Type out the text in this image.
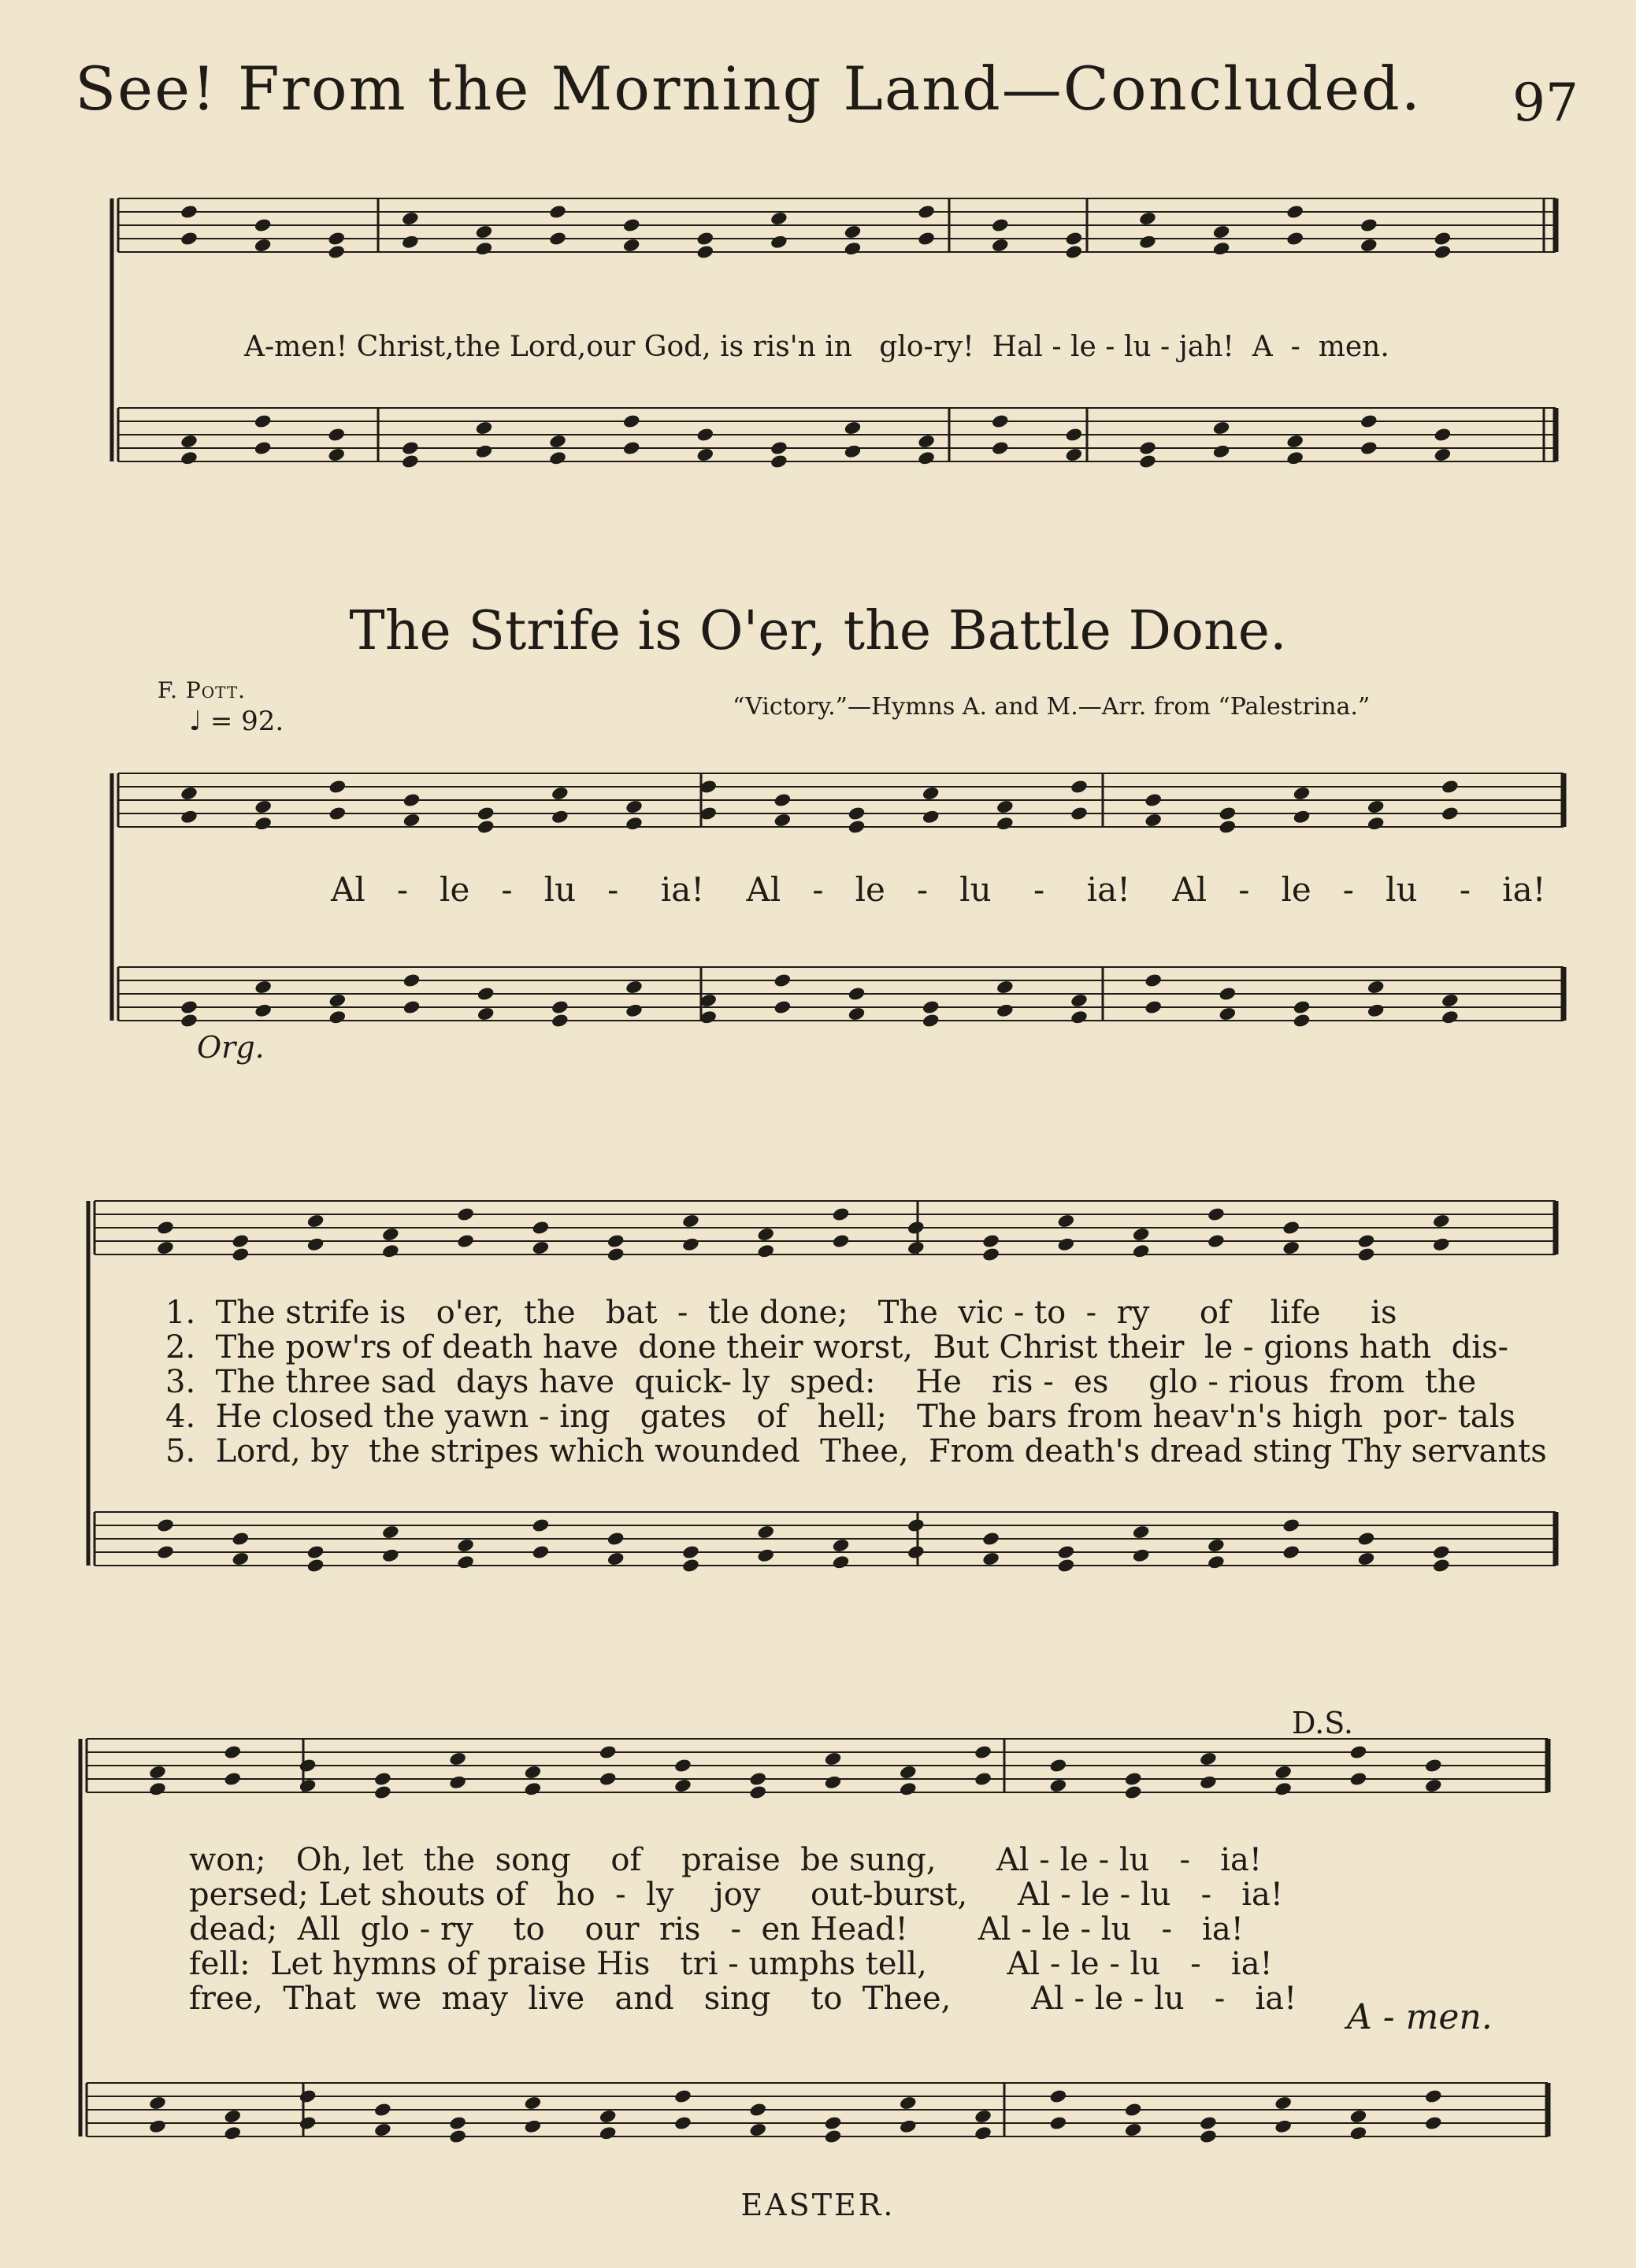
See! From the Morning Land—Concluded.	97
A-men! Christ,the Lord,our God, is ris'n in   glo-ry!  Hal - le - lu - jah!  A  -  men.
The Strife is O'er, the Battle Done.
F. Pott.
“Victory.”—Hymns A. and M.—Arr. from “Palestrina.”
♩ = 92.
Al   -   le   -   lu   -    ia!    Al   -   le   -   lu    -    ia!    Al   -   le   -   lu    -   ia!
Org.
1.  The strife is   o'er,  the   bat  -  tle done;   The  vic - to  -  ry     of    life     is
2.  The pow'rs of death have  done their worst,  But Christ their  le - gions hath  dis-
3.  The three sad  days have  quick- ly  sped:    He   ris -  es    glo - rious  from  the
4.  He closed the yawn - ing   gates   of   hell;   The bars from heav'n's high  por- tals
5.  Lord, by  the stripes which wounded  Thee,  From death's dread sting Thy servants
won;   Oh, let  the  song    of    praise  be sung,      Al - le - lu   -   ia!
persed; Let shouts of   ho  -  ly    joy     out-burst,     Al - le - lu   -   ia!
dead;  All  glo - ry    to    our  ris   -  en Head!       Al - le - lu   -   ia!
fell:  Let hymns of praise His   tri - umphs tell,        Al - le - lu   -   ia!
free,  That  we  may  live   and   sing    to  Thee,        Al - le - lu   -   ia!
D.S.
A - men.
EASTER.
